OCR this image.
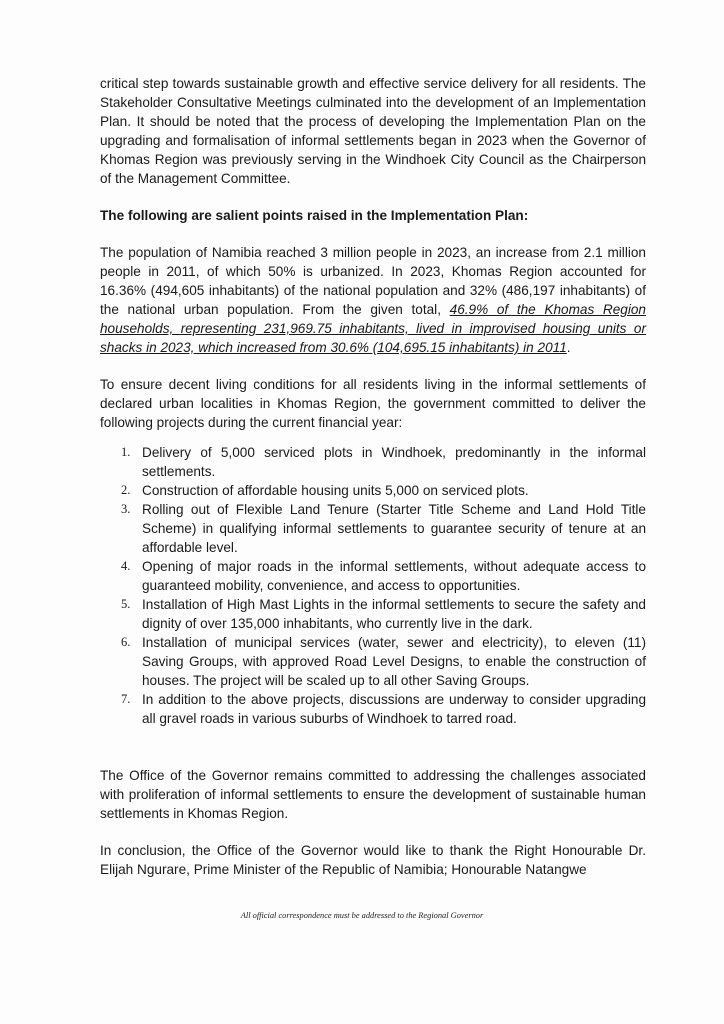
critical step towards sustainable growth and effective service delivery for all residents. The Stakeholder Consultative Meetings culminated into the development of an Implementation Plan. It should be noted that the process of developing the Implementation Plan on the upgrading and formalisation of informal settlements began in 2023 when the Governor of Khomas Region was previously serving in the Windhoek City Council as the Chairperson of the Management Committee.

The following are salient points raised in the Implementation Plan:

The population of Namibia reached 3 million people in 2023, an increase from 2.1 million people in 2011, of which 50% is urbanized. In 2023, Khomas Region accounted for 16.36% (494,605 inhabitants) of the national population and 32% (486,197 inhabitants) of the national urban population. From the given total, 46.9% of the Khomas Region households, representing 231,969.75 inhabitants, lived in improvised housing units or shacks in 2023, which increased from 30.6% (104,695.15 inhabitants) in 2011.

To ensure decent living conditions for all residents living in the informal settlements of declared urban localities in Khomas Region, the government committed to deliver the following projects during the current financial year:

1. Delivery of 5,000 serviced plots in Windhoek, predominantly in the informal settlements.
2. Construction of affordable housing units 5,000 on serviced plots.
3. Rolling out of Flexible Land Tenure (Starter Title Scheme and Land Hold Title Scheme) in qualifying informal settlements to guarantee security of tenure at an affordable level.
4. Opening of major roads in the informal settlements, without adequate access to guaranteed mobility, convenience, and access to opportunities.
5. Installation of High Mast Lights in the informal settlements to secure the safety and dignity of over 135,000 inhabitants, who currently live in the dark.
6. Installation of municipal services (water, sewer and electricity), to eleven (11) Saving Groups, with approved Road Level Designs, to enable the construction of houses. The project will be scaled up to all other Saving Groups.
7. In addition to the above projects, discussions are underway to consider upgrading all gravel roads in various suburbs of Windhoek to tarred road.

The Office of the Governor remains committed to addressing the challenges associated with proliferation of informal settlements to ensure the development of sustainable human settlements in Khomas Region.

In conclusion, the Office of the Governor would like to thank the Right Honourable Dr. Elijah Ngurare, Prime Minister of the Republic of Namibia; Honourable Natangwe

All official correspondence must be addressed to the Regional Governor
